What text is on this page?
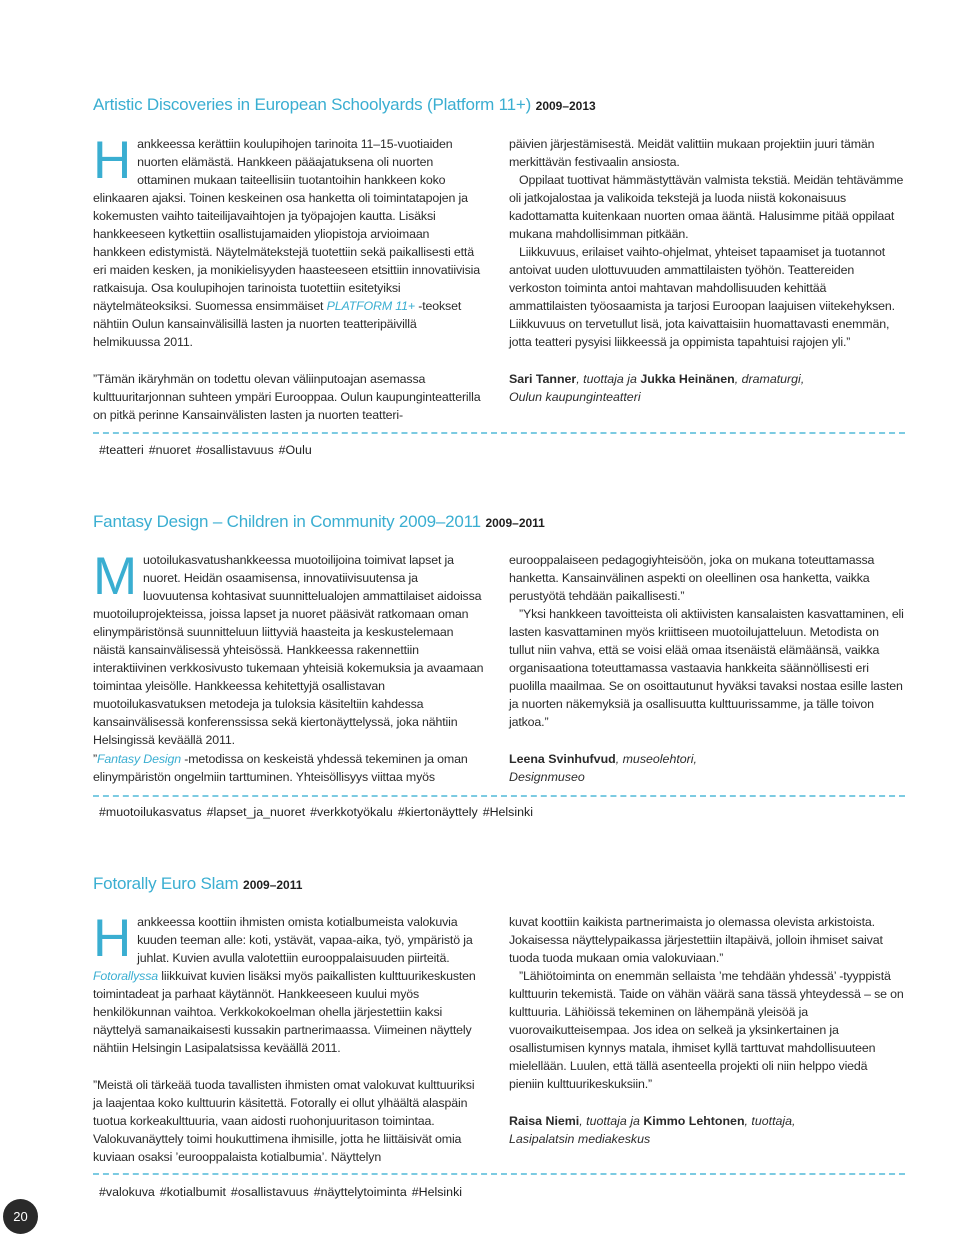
Artistic Discoveries in European Schoolyards (Platform 11+) 2009–2013

Hankkeessa kerättiin koulupihojen tarinoita 11–15-vuotiaiden nuorten elämästä. Hankkeen pääajatuksena oli nuorten ottaminen mukaan taiteellisiin tuotantoihin hankkeen koko elinkaaren ajaksi. Toinen keskeinen osa hanketta oli toimintatapojen ja kokemusten vaihto taiteilijavaihtojen ja työpajojen kautta. Lisäksi hankkeeseen kytkettiin osallistujamaiden yliopistoja arvioimaan hankkeen edistymistä. Näytelmätekstejä tuotettiin sekä paikallisesti että eri maiden kesken, ja monikielisyyden haasteeseen etsittiin innovatiivisia ratkaisuja. Osa koulupihojen tarinoista tuotettiin esitetyiksi näytelmäteoksiksi. Suomessa ensimmäiset PLATFORM 11+ -teokset nähtiin Oulun kansainvälisillä lasten ja nuorten teatteripäivillä helmikuussa 2011.

”Tämän ikäryhmän on todettu olevan väliinputoajan asemassa kulttuuritarjonnan suhteen ympäri Eurooppaa. Oulun kaupunginteatterilla on pitkä perinne Kansainvälisten lasten ja nuorten teatteri-

päivien järjestämisestä. Meidät valittiin mukaan projektiin juuri tämän merkittävän festivaalin ansiosta.

Oppilaat tuottivat hämmästyttävän valmista tekstiä. Meidän tehtävämme oli jatkojalostaa ja valikoida tekstejä ja luoda niistä kokonaisuus kadottamatta kuitenkaan nuorten omaa ääntä. Halusimme pitää oppilaat mukana mahdollisimman pitkään.

Liikkuvuus, erilaiset vaihto-ohjelmat, yhteiset tapaamiset ja tuotannot antoivat uuden ulottuvuuden ammattilaisten työhön. Teattereiden verkoston toiminta antoi mahtavan mahdollisuuden kehittää ammattilaisten työosaamista ja tarjosi Euroopan laajuisen viitekehyksen. Liikkuvuus on tervetullut lisä, jota kaivattaisiin huomattavasti enemmän, jotta teatteri pysyisi liikkeessä ja oppimista tapahtuisi rajojen yli.”

Sari Tanner, tuottaja ja Jukka Heinänen, dramaturgi,
Oulun kaupunginteatteri
#teatteri #nuoret #osallistavuus #Oulu
Fantasy Design – Children in Community 2009–2011 2009–2011

Muotoilukasvatushankkeessa muotoilijoina toimivat lapset ja nuoret. Heidän osaamisensa, innovatiivisuutensa ja luovuutensa kohtasivat suunnittelualojen ammattilaiset aidoissa muotoiluprojekteissa, joissa lapset ja nuoret pääsivät ratkomaan oman elinympäristönsä suunnitteluun liittyviä haasteita ja keskustelemaan näistä kansainvälisessä yhteisössä. Hankkeessa rakennettiin interaktiivinen verkkosivusto tukemaan yhteisiä kokemuksia ja avaamaan toimintaa yleisölle. Hankkeessa kehitettyjä osallistavan muotoilukasvatuksen metodeja ja tuloksia käsiteltiin kahdessa kansainvälisessä konferenssissa sekä kiertonäyttelyssä, joka nähtiin Helsingissä keväällä 2011.

”Fantasy Design -metodissa on keskeistä yhdessä tekeminen ja oman elinympäristön ongelmiin tarttuminen. Yhteisöllisyys viittaa myös

eurooppalaiseen pedagogiyhteisöön, joka on mukana toteuttamassa hanketta. Kansainvälinen aspekti on oleellinen osa hanketta, vaikka perustyötä tehdään paikallisesti.”

”Yksi hankkeen tavoitteista oli aktiivisten kansalaisten kasvattaminen, eli lasten kasvattaminen myös kriittiseen muotoilujatteluun. Metodista on tullut niin vahva, että se voisi elää omaa itsenäistä elämäänsä, vaikka organisaationa toteuttamassa vastaavia hankkeita säännöllisesti eri puolilla maailmaa. Se on osoittautunut hyväksi tavaksi nostaa esille lasten ja nuorten näkemyksiä ja osallisuutta kulttuurissamme, ja tälle toivon jatkoa.”

Leena Svinhufvud, museolehtori,
Designmuseo
#muotoilukasvatus #lapset_ja_nuoret #verkkotyökalu #kiertonäyttely #Helsinki
Fotorally Euro Slam 2009–2011

Hankkeessa koottiin ihmisten omista kotialbumeista valokuvia kuuden teeman alle: koti, ystävät, vapaa-aika, työ, ympäristö ja juhlat. Kuvien avulla valotettiin eurooppalaisuuden piirteitä. Fotorallyssa liikkuivat kuvien lisäksi myös paikallisten kulttuurikeskusten toimintadeat ja parhaat käytännöt. Hankkeeseen kuului myös henkilökunnan vaihtoa. Verkkokokoelman ohella järjestettiin kaksi näyttelyä samanaikaisesti kussakin partnerimaassa. Viimeinen näyttely nähtiin Helsingin Lasipalatsissa keväällä 2011.

”Meistä oli tärkeää tuoda tavallisten ihmisten omat valokuvat kulttuuriksi ja laajentaa koko kulttuurin käsitettä. Fotorally ei ollut ylhäältä alaspäin tuotua korkeakulttuuria, vaan aidosti ruohonjuuritason toimintaa. Valokuvanäyttely toimi houkuttimena ihmisille, jotta he liittäisivät omia kuviaan osaksi ’eurooppalaista kotialbumia’. Näyttelyn

kuvat koottiin kaikista partnerimaista jo olemassa olevista arkistoista. Jokaisessa näyttelypaikassa järjestettiin iltapäivä, jolloin ihmiset saivat tuoda tuoda mukaan omia valokuviaan.”

”Lähiötoiminta on enemmän sellaista ’me tehdään yhdessä’ -tyyppistä kulttuurin tekemistä. Taide on vähän väärä sana tässä yhteydessä – se on kulttuuria. Lähiöissä tekeminen on lähempänä yleisöä ja vuorovaikutteisempaa. Jos idea on selkeä ja yksinkertainen ja osallistumisen kynnys matala, ihmiset kyllä tarttuvat mahdollisuuteen mielellään. Luulen, että tällä asenteella projekti oli niin helppo viedä pieniin kulttuurikeskuksiin.”

Raisa Niemi, tuottaja ja Kimmo Lehtonen, tuottaja,
Lasipalatsin mediakeskus
#valokuva #kotialbumit #osallistavuus #näyttelytoiminta #Helsinki
20
